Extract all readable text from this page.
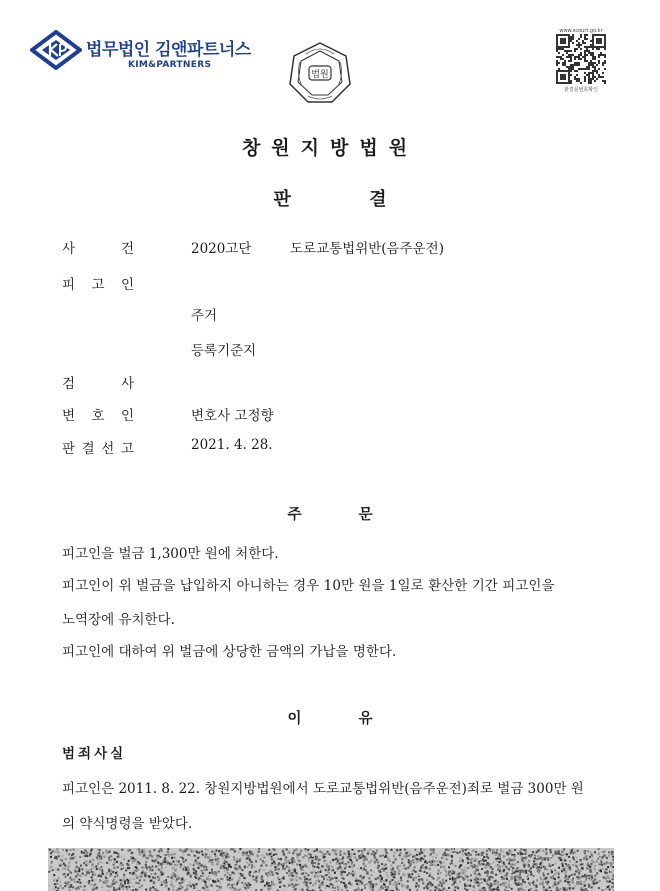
법무법인 김앤파트너스
KIM&PARTNERS
법원
www.scourt.go.kr
판결문번호확인
창원지방법원
판	결
사	건	2020고단	도로교통법위반(음주운전)
피 고 인
주거
등록기준지
검	사
변 호 인	변호사 고정향
판 결 선 고	2021. 4. 28.
주	문
피고인을 벌금 1,300만 원에 처한다.
피고인이 위 벌금을 납입하지 아니하는 경우 10만 원을 1일로 환산한 기간 피고인을
노역장에 유치한다.
피고인에 대하여 위 벌금에 상당한 금액의 가납을 명한다.
이	유
범죄사실
피고인은 2011. 8. 22. 창원지방법원에서 도로교통법위반(음주운전)죄로 벌금 300만 원
의 약식명령을 받았다.
